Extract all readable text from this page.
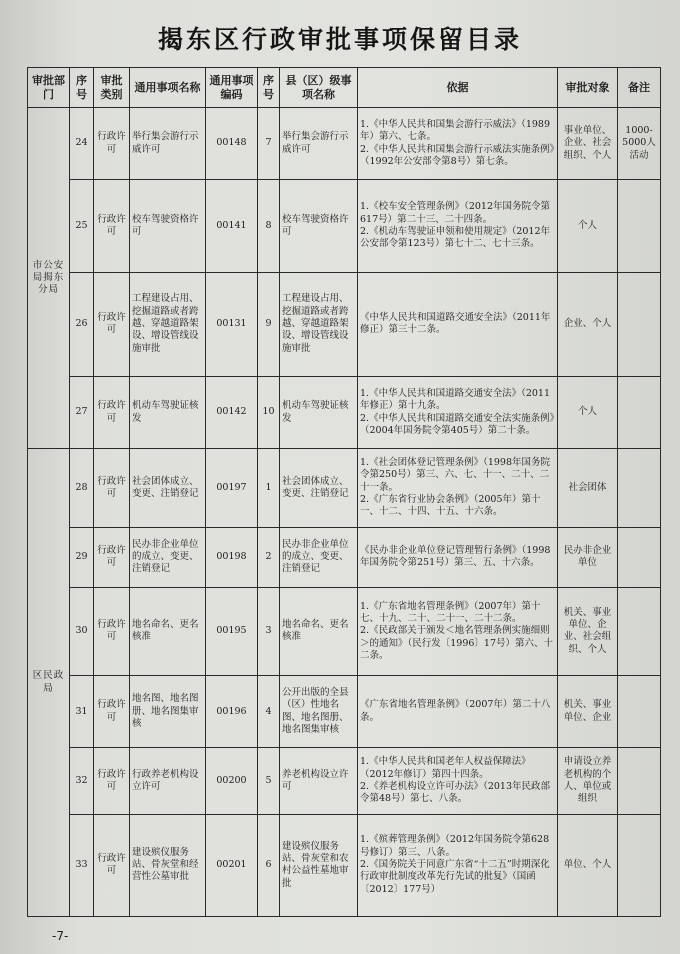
揭东区行政审批事项保留目录
审批部门	序号	审批类别	通用事项名称	通用事项编码	序号	县（区）级事项名称	依据	审批对象	备注
市公安局揭东分局	24	行政许可	举行集会游行示威许可	00148	7	举行集会游行示威许可	1.《中华人民共和国集会游行示威法》（1989年）第六、七条。
2.《中华人民共和国集会游行示威法实施条例》（1992年公安部令第8号）第七条。	事业单位、企业、社会组织、个人	1000-5000人活动
	25	行政许可	校车驾驶资格许可	00141	8	校车驾驶资格许可	1.《校车安全管理条例》（2012年国务院令第617号）第二十三、二十四条。
2.《机动车驾驶证申领和使用规定》（2012年公安部令第123号）第七十二、七十三条。	个人	
	26	行政许可	工程建设占用、挖掘道路或者跨越、穿越道路架设、增设管线设施审批	00131	9	工程建设占用、挖掘道路或者跨越、穿越道路架设、增设管线设施审批	《中华人民共和国道路交通安全法》（2011年修正）第三十二条。	企业、个人	
	27	行政许可	机动车驾驶证核发	00142	10	机动车驾驶证核发	1.《中华人民共和国道路交通安全法》（2011年修正）第十九条。
2.《中华人民共和国道路交通安全法实施条例》（2004年国务院令第405号）第二十条。	个人	
区民政局	28	行政许可	社会团体成立、变更、注销登记	00197	1	社会团体成立、变更、注销登记	1.《社会团体登记管理条例》（1998年国务院令第250号）第三、六、七、十一、二十、二十一条。
2.《广东省行业协会条例》（2005年）第十一、十二、十四、十五、十六条。	社会团体	
	29	行政许可	民办非企业单位的成立、变更、注销登记	00198	2	民办非企业单位的成立、变更、注销登记	《民办非企业单位登记管理暂行条例》（1998年国务院令第251号）第三、五、十六条。	民办非企业单位	
	30	行政许可	地名命名、更名核准	00195	3	地名命名、更名核准	1.《广东省地名管理条例》（2007年）第十七、十九、二十、二十一、二十二条。
2.《民政部关于颁发＜地名管理条例实施细则＞的通知》（民行发〔1996〕17号）第六、十二条。	机关、事业单位、企业、社会组织、个人	
	31	行政许可	地名图、地名图册、地名图集审核	00196	4	公开出版的全县（区）性地名图、地名图册、地名图集审核	《广东省地名管理条例》（2007年）第二十八条。	机关、事业单位、企业	
	32	行政许可	行政养老机构设立许可	00200	5	养老机构设立许可	1.《中华人民共和国老年人权益保障法》（2012年修订）第四十四条。
2.《养老机构设立许可办法》（2013年民政部令第48号）第七、八条。	申请设立养老机构的个人、单位或组织	
	33	行政许可	建设殡仪服务站、骨灰堂和经营性公墓审批	00201	6	建设殡仪服务站、骨灰堂和农村公益性墓地审批	1.《殡葬管理条例》（2012年国务院令第628号修订）第三、八条。
2.《国务院关于同意广东省“十二五”时期深化行政审批制度改革先行先试的批复》（国函〔2012〕177号）	单位、个人	
-7-
